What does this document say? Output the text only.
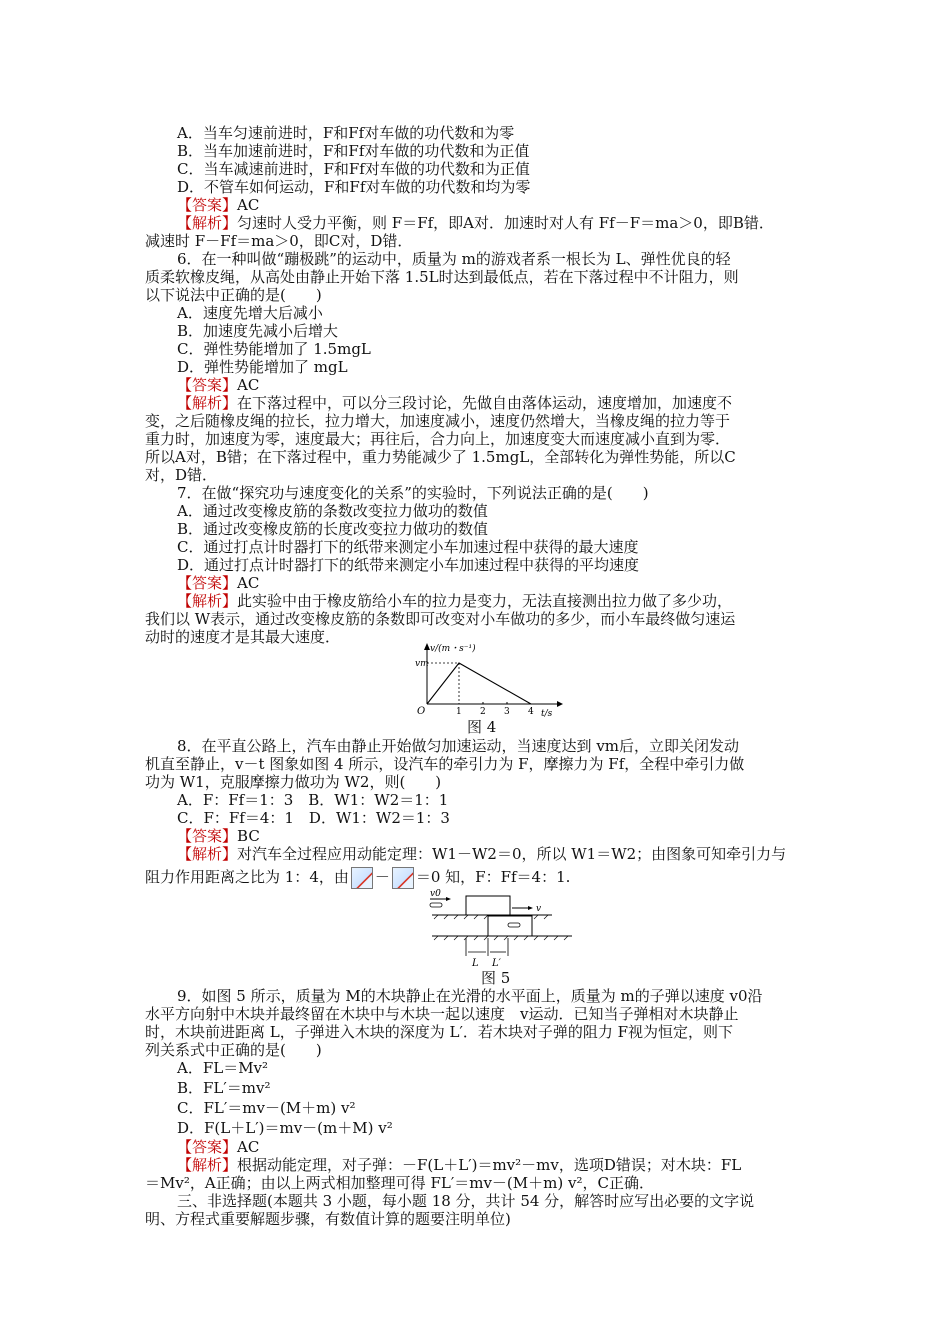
A．当车匀速前进时，F和Ff对车做的功代数和为零
B．当车加速前进时，F和Ff对车做的功代数和为正值
C．当车减速前进时，F和Ff对车做的功代数和为正值
D．不管车如何运动，F和Ff对车做的功代数和均为零
【答案】AC
【解析】匀速时人受力平衡，则 F＝Ff，即A对．加速时对人有 Ff－F＝ma＞0，即B错．
减速时 F－Ff＝ma＞0，即C对，D错．
6．在一种叫做“蹦极跳”的运动中，质量为 m的游戏者系一根长为 L、弹性优良的轻
质柔软橡皮绳，从高处由静止开始下落 1.5L时达到最低点，若在下落过程中不计阻力，则
以下说法中正确的是(　　)
A．速度先增大后减小
B．加速度先减小后增大
C．弹性势能增加了 1.5mgL
D．弹性势能增加了 mgL
【答案】AC
【解析】在下落过程中，可以分三段讨论，先做自由落体运动，速度增加，加速度不
变，之后随橡皮绳的拉长，拉力增大，加速度减小，速度仍然增大，当橡皮绳的拉力等于
重力时，加速度为零，速度最大；再往后，合力向上，加速度变大而速度减小直到为零．
所以A对，B错；在下落过程中，重力势能减少了 1.5mgL，全部转化为弹性势能，所以C
对，D错．
7．在做“探究功与速度变化的关系”的实验时，下列说法正确的是(　　)
A．通过改变橡皮筋的条数改变拉力做功的数值
B．通过改变橡皮筋的长度改变拉力做功的数值
C．通过打点计时器打下的纸带来测定小车加速过程中获得的最大速度
D．通过打点计时器打下的纸带来测定小车加速过程中获得的平均速度
【答案】AC
【解析】此实验中由于橡皮筋给小车的拉力是变力，无法直接测出拉力做了多少功，
我们以 W表示，通过改变橡皮筋的条数即可改变对小车做功的多少，而小车最终做匀速运
动时的速度才是其最大速度．
v/(m・s⁻¹)
vm
O	t/s
1 2 3 4
图 4
8．在平直公路上，汽车由静止开始做匀加速运动，当速度达到 vm后，立即关闭发动
机直至静止，v－t 图象如图 4 所示，设汽车的牵引力为 F，摩擦力为 Ff，全程中牵引力做
功为 W1，克服摩擦力做功为 W2，则(　　)
A．F：Ff＝1：3　B．W1：W2＝1：1
C．F：Ff＝4：1　D．W1：W2＝1：3
【答案】BC
【解析】对汽车全过程应用动能定理：W1－W2＝0，所以 W1＝W2；由图象可知牵引力与
阻力作用距离之比为 1：4，由 － ＝0 知，F：Ff＝4：1.
v0
v
L L′
图 5
9．如图 5 所示，质量为 M的木块静止在光滑的水平面上，质量为 m的子弹以速度 v0沿
水平方向射中木块并最终留在木块中与木块一起以速度　v运动．已知当子弹相对木块静止
时，木块前进距离 L，子弹进入木块的深度为 L′．若木块对子弹的阻力 F视为恒定，则下
列关系式中正确的是(　　)
A．FL＝Mv²
B．FL′＝mv²
C．FL′＝mv－(M＋m) v²
D．F(L＋L′)＝mv－(m＋M) v²
【答案】AC
【解析】根据动能定理，对子弹：－F(L＋L′)＝mv²－mv，选项D错误；对木块：FL
＝Mv²，A正确；由以上两式相加整理可得 FL′＝mv－(M＋m) v²，C正确．
三、非选择题(本题共 3 小题，每小题 18 分，共计 54 分，解答时应写出必要的文字说
明、方程式重要解题步骤，有数值计算的题要注明单位)
